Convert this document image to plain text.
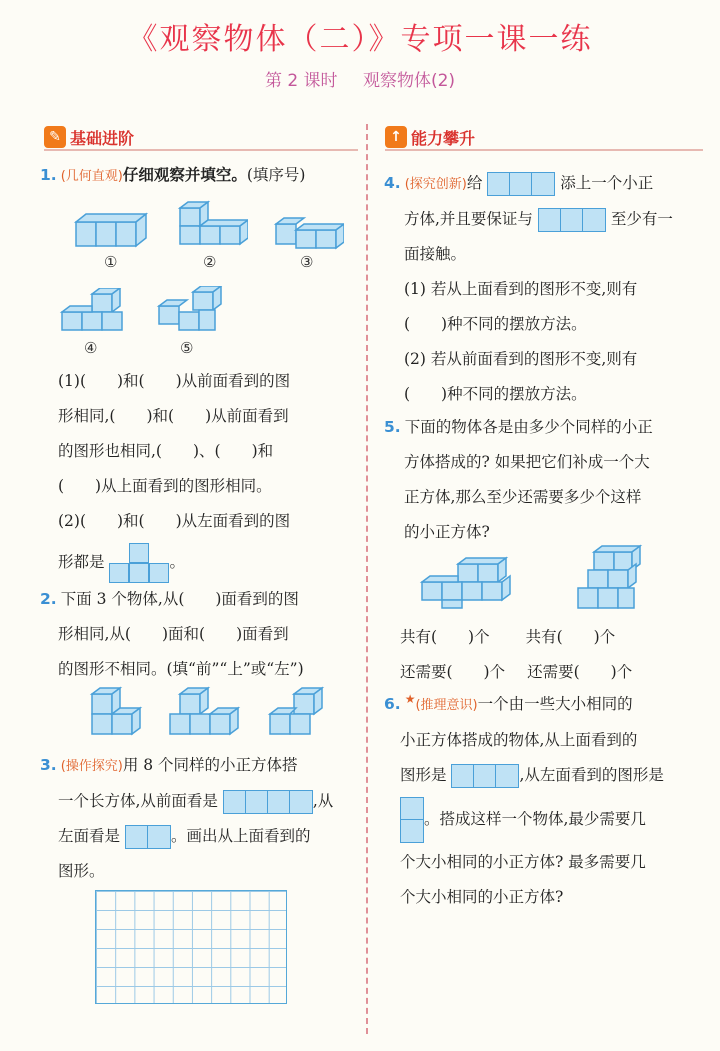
《观察物体（二）》专项一课一练
第 2 课时 观察物体(2)
✎ 基础进阶	↑ 能力攀升

1. (几何直观)仔细观察并填空。(填序号)

①	②	③
④	⑤

(1)(　　)和(　　)从前面看到的图

形相同,(　　)和(　　)从前面看到

的图形也相同,(　　)、(　　)和

(　　)从上面看到的图形相同。

(2)(　　)和(　　)从左面看到的图

形都是	。

2. 下面 3 个物体,从(　　)面看到的图

形相同,从(　　)面和(　　)面看到

的图形不相同。(填“前”“上”或“左”)

3. (操作探究)用 8 个同样的小正方体搭

一个长方体,从前面看是	,从

左面看是	。画出从上面看到的

图形。

4. (探究创新)给	添上一个小正

方体,并且要保证与	至少有一

面接触。

(1) 若从上面看到的图形不变,则有

(　　)种不同的摆放方法。

(2) 若从前面看到的图形不变,则有

(　　)种不同的摆放方法。

5. 下面的物体各是由多少个同样的小正

方体搭成的? 如果把它们补成一个大

正方体,那么至少还需要多少个这样

的小正方体?

共有(　　)个 共有(　　)个

还需要(　　)个 还需要(　　)个

6. ★(推理意识)一个由一些大小相同的

小正方体搭成的物体,从上面看到的

图形是	,从左面看到的图形是

。搭成这样一个物体,最少需要几

个大小相同的小正方体? 最多需要几

个大小相同的小正方体?
